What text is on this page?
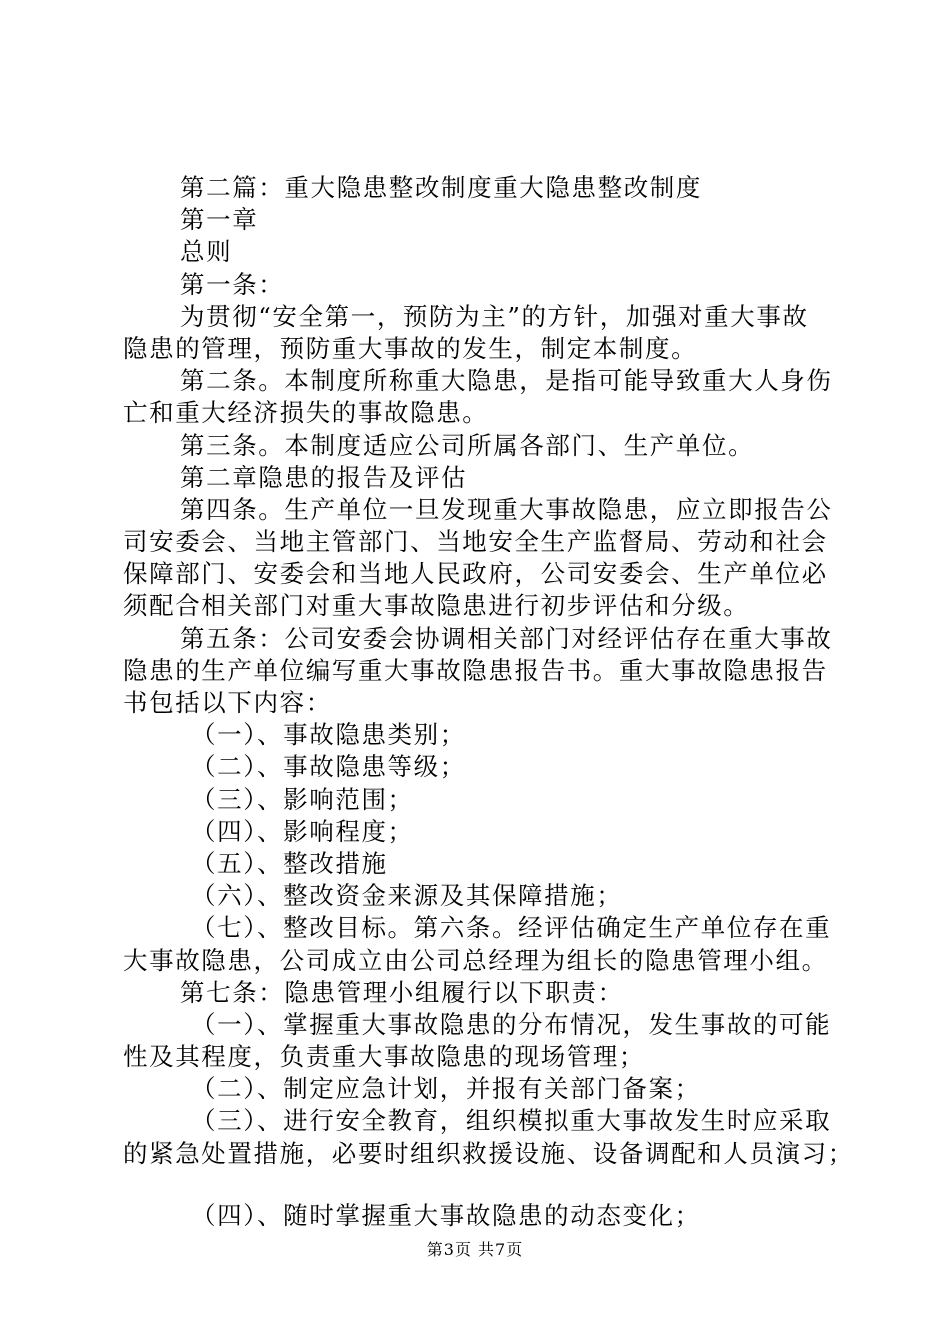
第二篇：重大隐患整改制度重大隐患整改制度
第一章
总则
第一条：
为贯彻“安全第一，预防为主”的方针，加强对重大事故
隐患的管理，预防重大事故的发生，制定本制度。
第二条。本制度所称重大隐患，是指可能导致重大人身伤
亡和重大经济损失的事故隐患。
第三条。本制度适应公司所属各部门、生产单位。
第二章隐患的报告及评估
第四条。生产单位一旦发现重大事故隐患，应立即报告公
司安委会、当地主管部门、当地安全生产监督局、劳动和社会
保障部门、安委会和当地人民政府，公司安委会、生产单位必
须配合相关部门对重大事故隐患进行初步评估和分级。
第五条：公司安委会协调相关部门对经评估存在重大事故
隐患的生产单位编写重大事故隐患报告书。重大事故隐患报告
书包括以下内容：
（一）、事故隐患类别；
（二）、事故隐患等级；
（三）、影响范围；
（四）、影响程度；
（五）、整改措施
（六）、整改资金来源及其保障措施；
（七）、整改目标。第六条。经评估确定生产单位存在重
大事故隐患，公司成立由公司总经理为组长的隐患管理小组。
第七条：隐患管理小组履行以下职责：
（一）、掌握重大事故隐患的分布情况，发生事故的可能
性及其程度，负责重大事故隐患的现场管理；
（二）、制定应急计划，并报有关部门备案；
（三）、进行安全教育，组织模拟重大事故发生时应采取
的紧急处置措施，必要时组织救援设施、设备调配和人员演习；
（四）、随时掌握重大事故隐患的动态变化；
第3页 共7页
